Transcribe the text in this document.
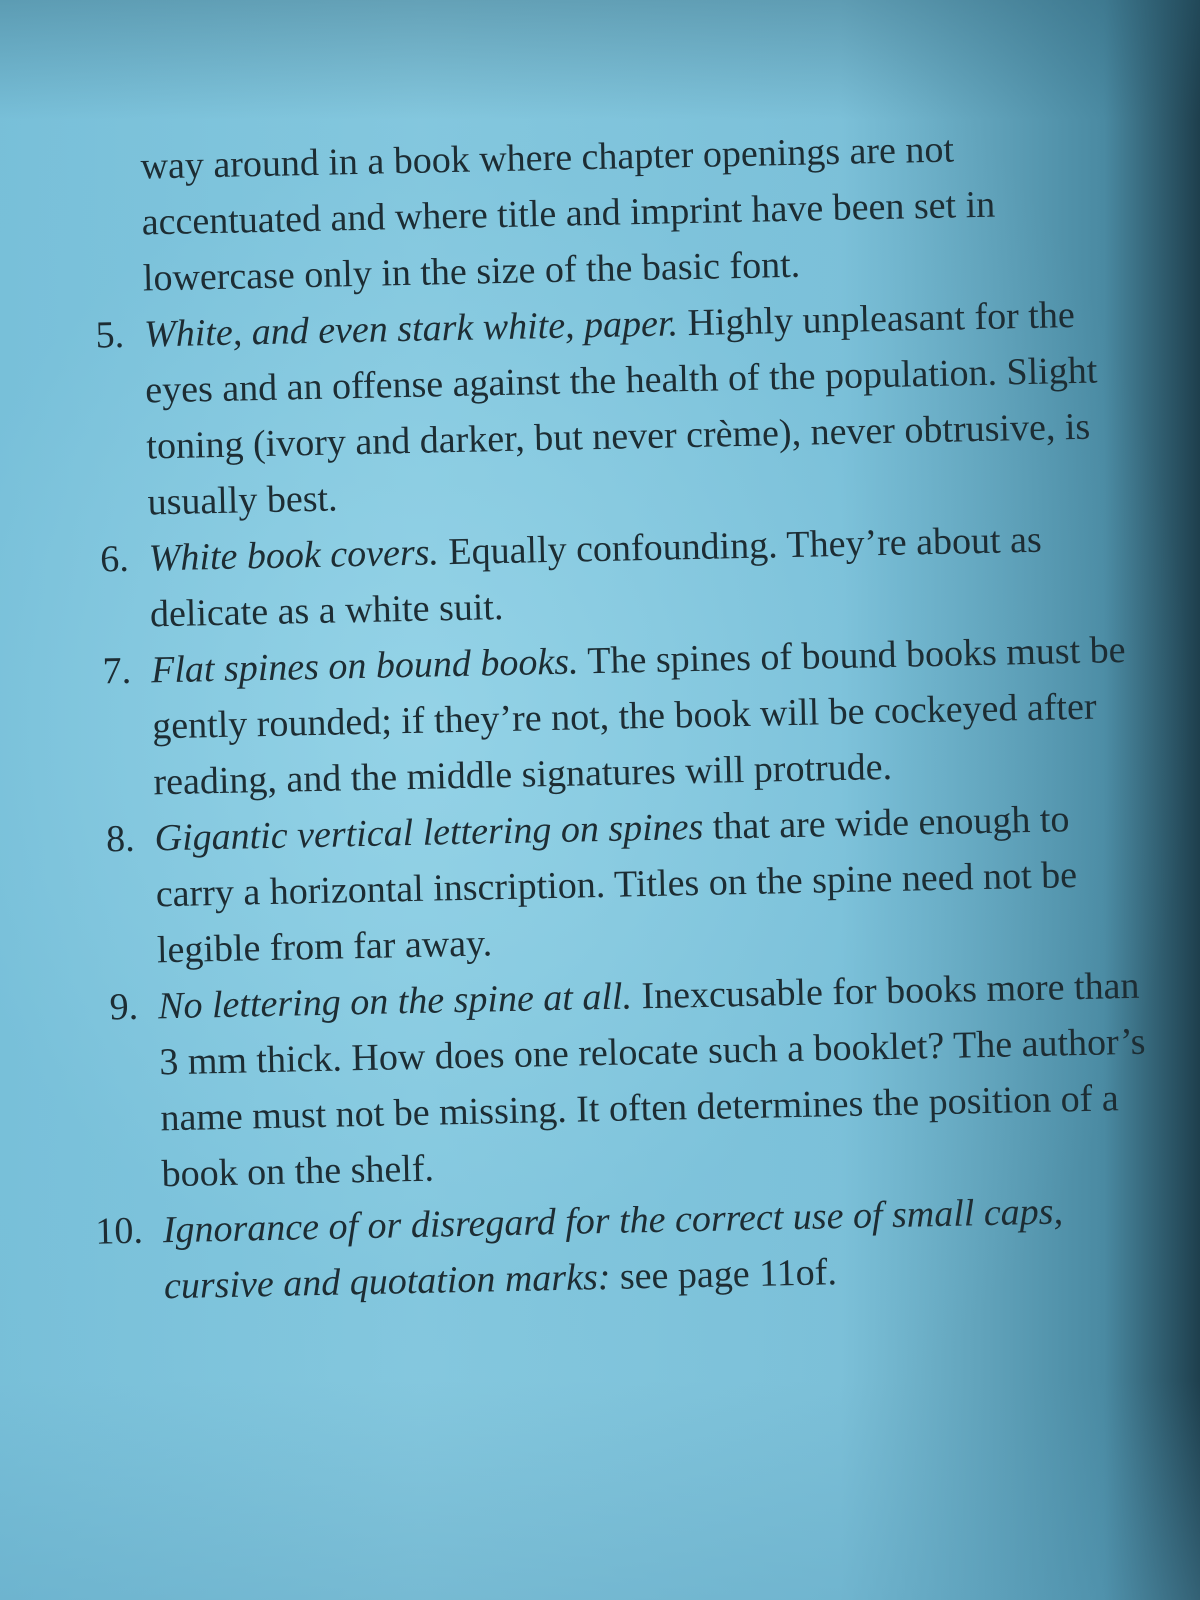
way around in a book where chapter openings are not accentuated and where title and imprint have been set in lowercase only in the size of the basic font.

5. White, and even stark white, paper. Highly unpleasant for the eyes and an offense against the health of the population. Slight toning (ivory and darker, but never crème), never obtrusive, is usually best.

6. White book covers. Equally confounding. They’re about as delicate as a white suit.

7. Flat spines on bound books. The spines of bound books must be gently rounded; if they’re not, the book will be cockeyed after reading, and the middle signatures will protrude.

8. Gigantic vertical lettering on spines that are wide enough to carry a horizontal inscription. Titles on the spine need not be legible from far away.

9. No lettering on the spine at all. Inexcusable for books more than 3 mm thick. How does one relocate such a booklet? The author’s name must not be missing. It often determines the position of a book on the shelf.

10. Ignorance of or disregard for the correct use of small caps, cursive and quotation marks: see page 11of.
